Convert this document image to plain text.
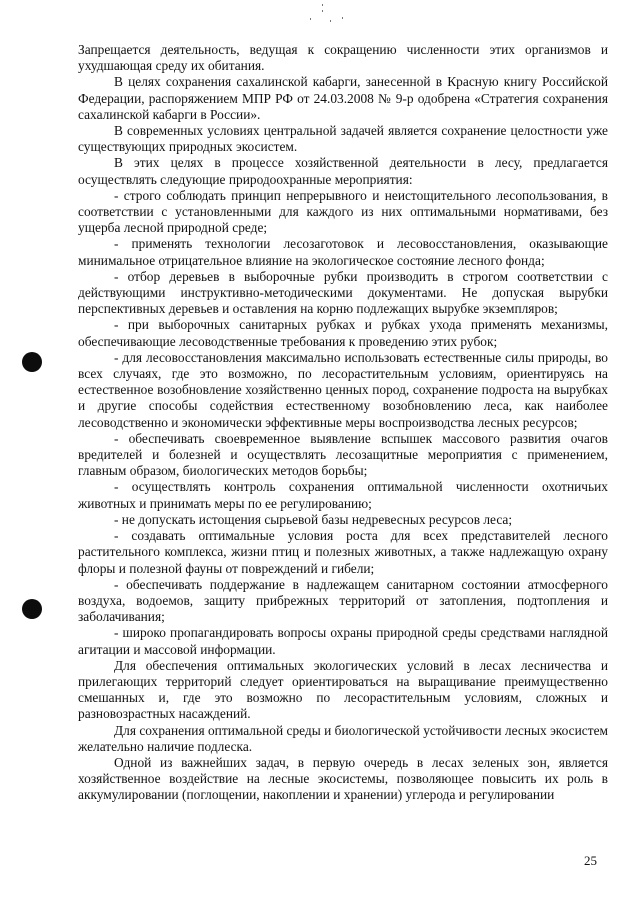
Запрещается деятельность, ведущая к сокращению численности этих организмов и ухудшающая среду их обитания.

В целях сохранения сахалинской кабарги, занесенной в Красную книгу Российской Федерации, распоряжением МПР РФ от 24.03.2008 № 9-р одобрена «Стратегия сохранения сахалинской кабарги в России».

В современных условиях центральной задачей является сохранение целостности уже существующих природных экосистем.

В этих целях в процессе хозяйственной деятельности в лесу, предлагается осуществлять следующие природоохранные мероприятия:

- строго соблюдать принцип непрерывного и неистощительного лесопользования, в соответствии с установленными для каждого из них оптимальными нормативами, без ущерба лесной природной среде;

- применять технологии лесозаготовок и лесовосстановления, оказывающие минимальное отрицательное влияние на экологическое состояние лесного фонда;

- отбор деревьев в выборочные рубки производить в строгом соответствии с действующими инструктивно-методическими документами. Не допуская вырубки перспективных деревьев и оставления на корню подлежащих вырубке экземпляров;

- при выборочных санитарных рубках и рубках ухода применять механизмы, обеспечивающие лесоводственные требования к проведению этих рубок;

- для лесовосстановления максимально использовать естественные силы природы, во всех случаях, где это возможно, по лесорастительным условиям, ориентируясь на естественное возобновление хозяйственно ценных пород, сохранение подроста на вырубках и другие способы содействия естественному возобновлению леса, как наиболее лесоводственно и экономически эффективные меры воспроизводства лесных ресурсов;

- обеспечивать своевременное выявление вспышек массового развития очагов вредителей и болезней и осуществлять лесозащитные мероприятия с применением, главным образом, биологических методов борьбы;

- осуществлять контроль сохранения оптимальной численности охотничьих животных и принимать меры по ее регулированию;

- не допускать истощения сырьевой базы недревесных ресурсов леса;

- создавать оптимальные условия роста для всех представителей лесного растительного комплекса, жизни птиц и полезных животных, а также надлежащую охрану флоры и полезной фауны от повреждений и гибели;

- обеспечивать поддержание в надлежащем санитарном состоянии атмосферного воздуха, водоемов, защиту прибрежных территорий от затопления, подтопления и заболачивания;

- широко пропагандировать вопросы охраны природной среды средствами наглядной агитации и массовой информации.

Для обеспечения оптимальных экологических условий в лесах лесничества и прилегающих территорий следует ориентироваться на выращивание преимущественно смешанных и, где это возможно по лесорастительным условиям, сложных и разновозрастных насаждений.

Для сохранения оптимальной среды и биологической устойчивости лесных экосистем желательно наличие подлеска.

Одной из важнейших задач, в первую очередь в лесах зеленых зон, является хозяйственное воздействие на лесные экосистемы, позволяющее повысить их роль в аккумулировании (поглощении, накоплении и хранении) углерода и регулировании

25
